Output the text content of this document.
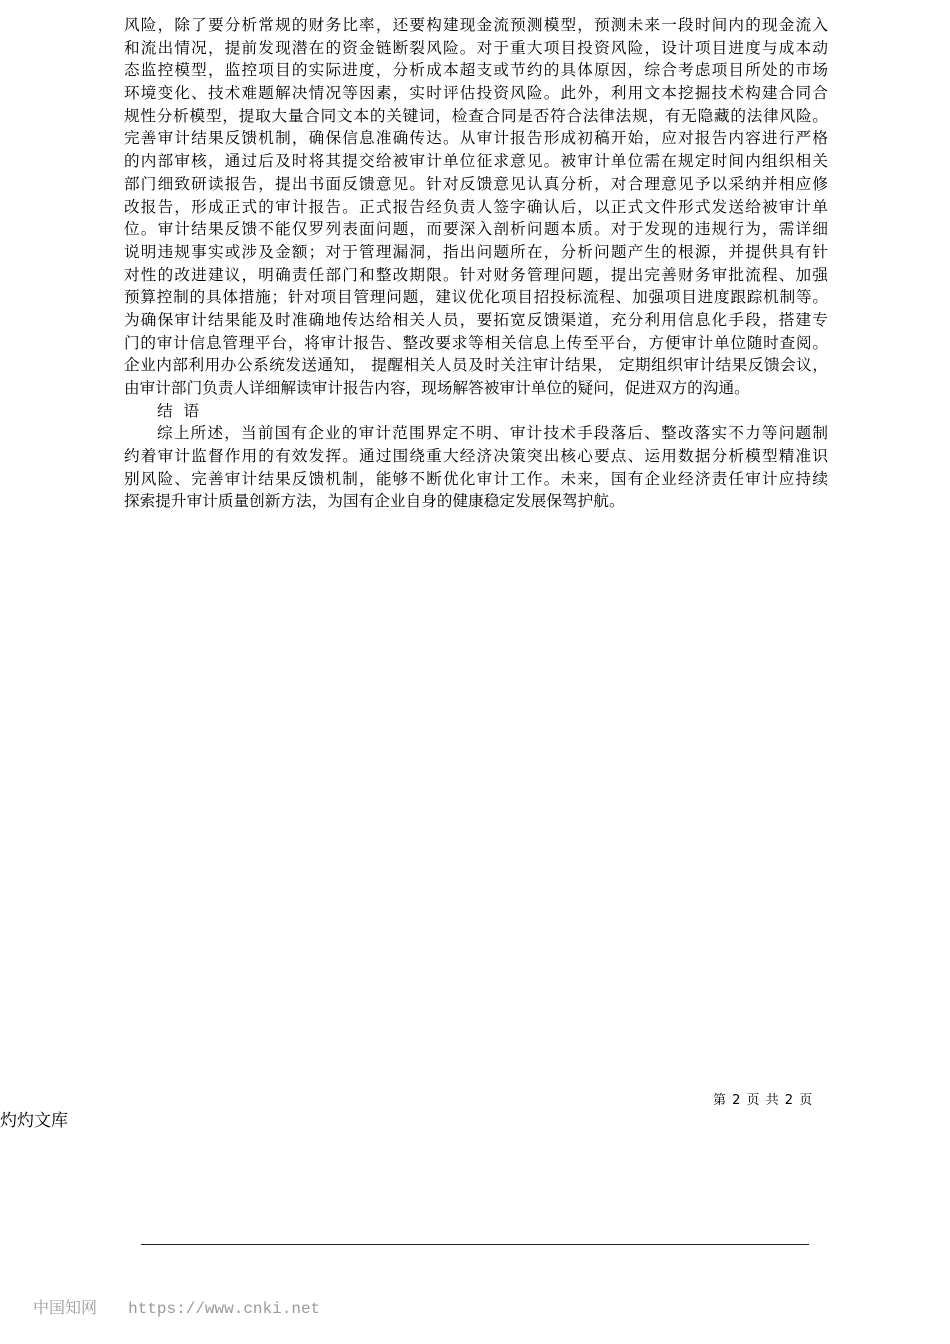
风险，除了要分析常规的财务比率，还要构建现金流预测模型，预测未来一段时间内的现金流入
和流出情况，提前发现潜在的资金链断裂风险。对于重大项目投资风险，设计项目进度与成本动
态监控模型，监控项目的实际进度，分析成本超支或节约的具体原因，综合考虑项目所处的市场
环境变化、技术难题解决情况等因素，实时评估投资风险。此外，利用文本挖掘技术构建合同合
规性分析模型，提取大量合同文本的关键词，检查合同是否符合法律法规，有无隐藏的法律风险。
完善审计结果反馈机制，确保信息准确传达。从审计报告形成初稿开始，应对报告内容进行严格
的内部审核，通过后及时将其提交给被审计单位征求意见。被审计单位需在规定时间内组织相关
部门细致研读报告，提出书面反馈意见。针对反馈意见认真分析，对合理意见予以采纳并相应修
改报告，形成正式的审计报告。正式报告经负责人签字确认后，以正式文件形式发送给被审计单
位。审计结果反馈不能仅罗列表面问题，而要深入剖析问题本质。对于发现的违规行为，需详细
说明违规事实或涉及金额；对于管理漏洞，指出问题所在，分析问题产生的根源，并提供具有针
对性的改进建议，明确责任部门和整改期限。针对财务管理问题，提出完善财务审批流程、加强
预算控制的具体措施；针对项目管理问题，建议优化项目招投标流程、加强项目进度跟踪机制等。
为确保审计结果能及时准确地传达给相关人员，要拓宽反馈渠道，充分利用信息化手段，搭建专
门的审计信息管理平台，将审计报告、整改要求等相关信息上传至平台，方便审计单位随时查阅。
企业内部利用办公系统发送通知， 提醒相关人员及时关注审计结果， 定期组织审计结果反馈会议，
由审计部门负责人详细解读审计报告内容，现场解答被审计单位的疑问，促进双方的沟通。
结 语
综上所述，当前国有企业的审计范围界定不明、审计技术手段落后、整改落实不力等问题制
约着审计监督作用的有效发挥。通过围绕重大经济决策突出核心要点、运用数据分析模型精准识
别风险、完善审计结果反馈机制，能够不断优化审计工作。未来，国有企业经济责任审计应持续
探索提升审计质量创新方法，为国有企业自身的健康稳定发展保驾护航。
第 2 页 共 2 页
灼灼文库
中国知网 https://www.cnki.net
